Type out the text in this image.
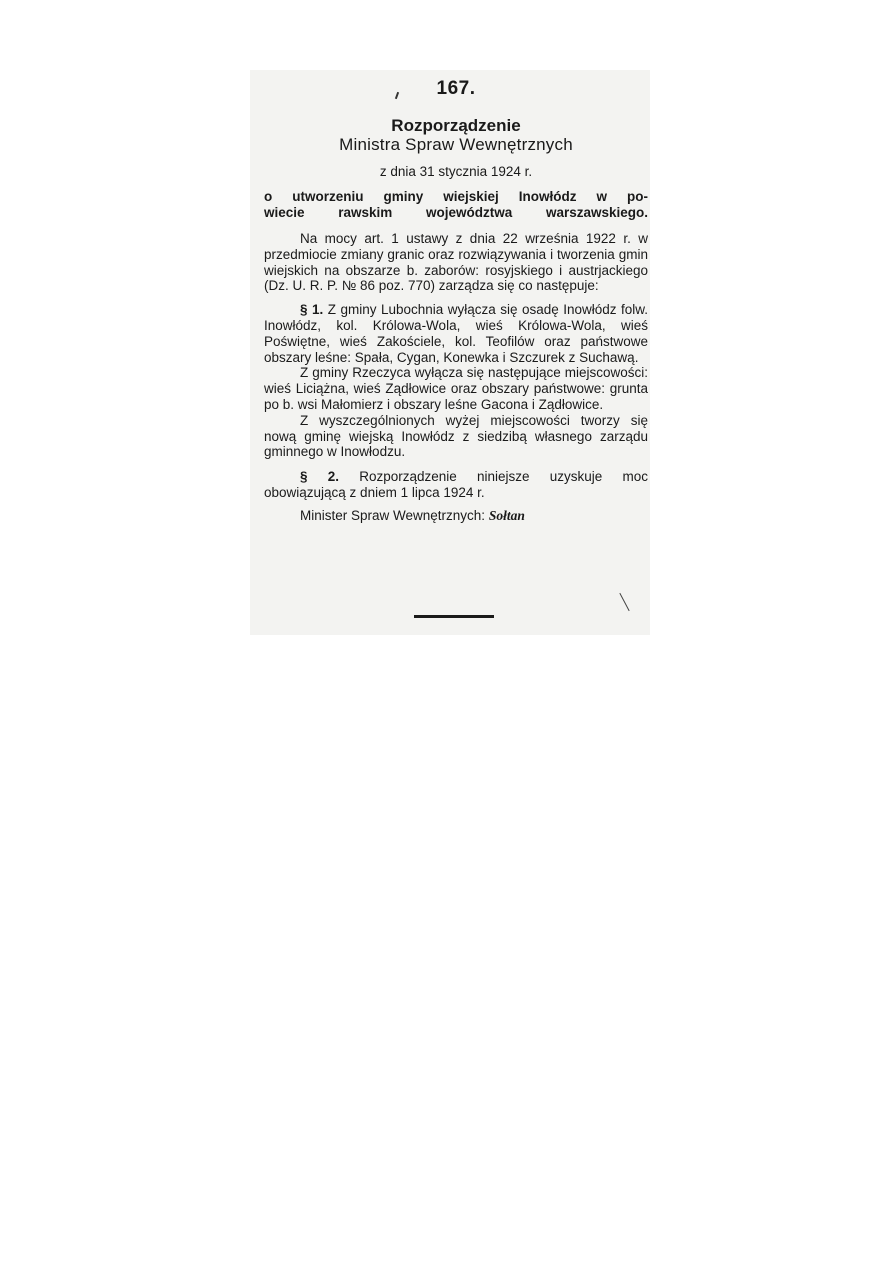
167.

Rozporządzenie

Ministra Spraw Wewnętrznych

z dnia 31 stycznia 1924 r.

o utworzeniu gminy wiejskiej Inowłódz w po-
wiecie rawskim województwa warszawskiego.

Na mocy art. 1 ustawy z dnia 22 września 1922 r. w przedmiocie zmiany granic oraz rozwiązywania i tworzenia gmin wiejskich na obszarze b. zaborów: rosyjskiego i austrjackiego (Dz. U. R. P. № 86 poz. 770) zarządza się co następuje:

§ 1. Z gminy Lubochnia wyłącza się osadę Inowłódz folw. Inowłódz, kol. Królowa-Wola, wieś Królowa-Wola, wieś Poświętne, wieś Zakościele, kol. Teofilów oraz państwowe obszary leśne: Spała, Cygan, Konewka i Szczurek z Suchawą.

Z gminy Rzeczyca wyłącza się następujące miejscowości: wieś Liciążna, wieś Ządłowice oraz obszary państwowe: grunta po b. wsi Małomierz i obszary leśne Gacona i Ządłowice.

Z wyszczególnionych wyżej miejscowości tworzy się nową gminę wiejską Inowłódz z siedzibą własnego zarządu gminnego w Inowłodzu.

§ 2. Rozporządzenie niniejsze uzyskuje moc obowiązującą z dniem 1 lipca 1924 r.

Minister Spraw Wewnętrznych: Sołtan
